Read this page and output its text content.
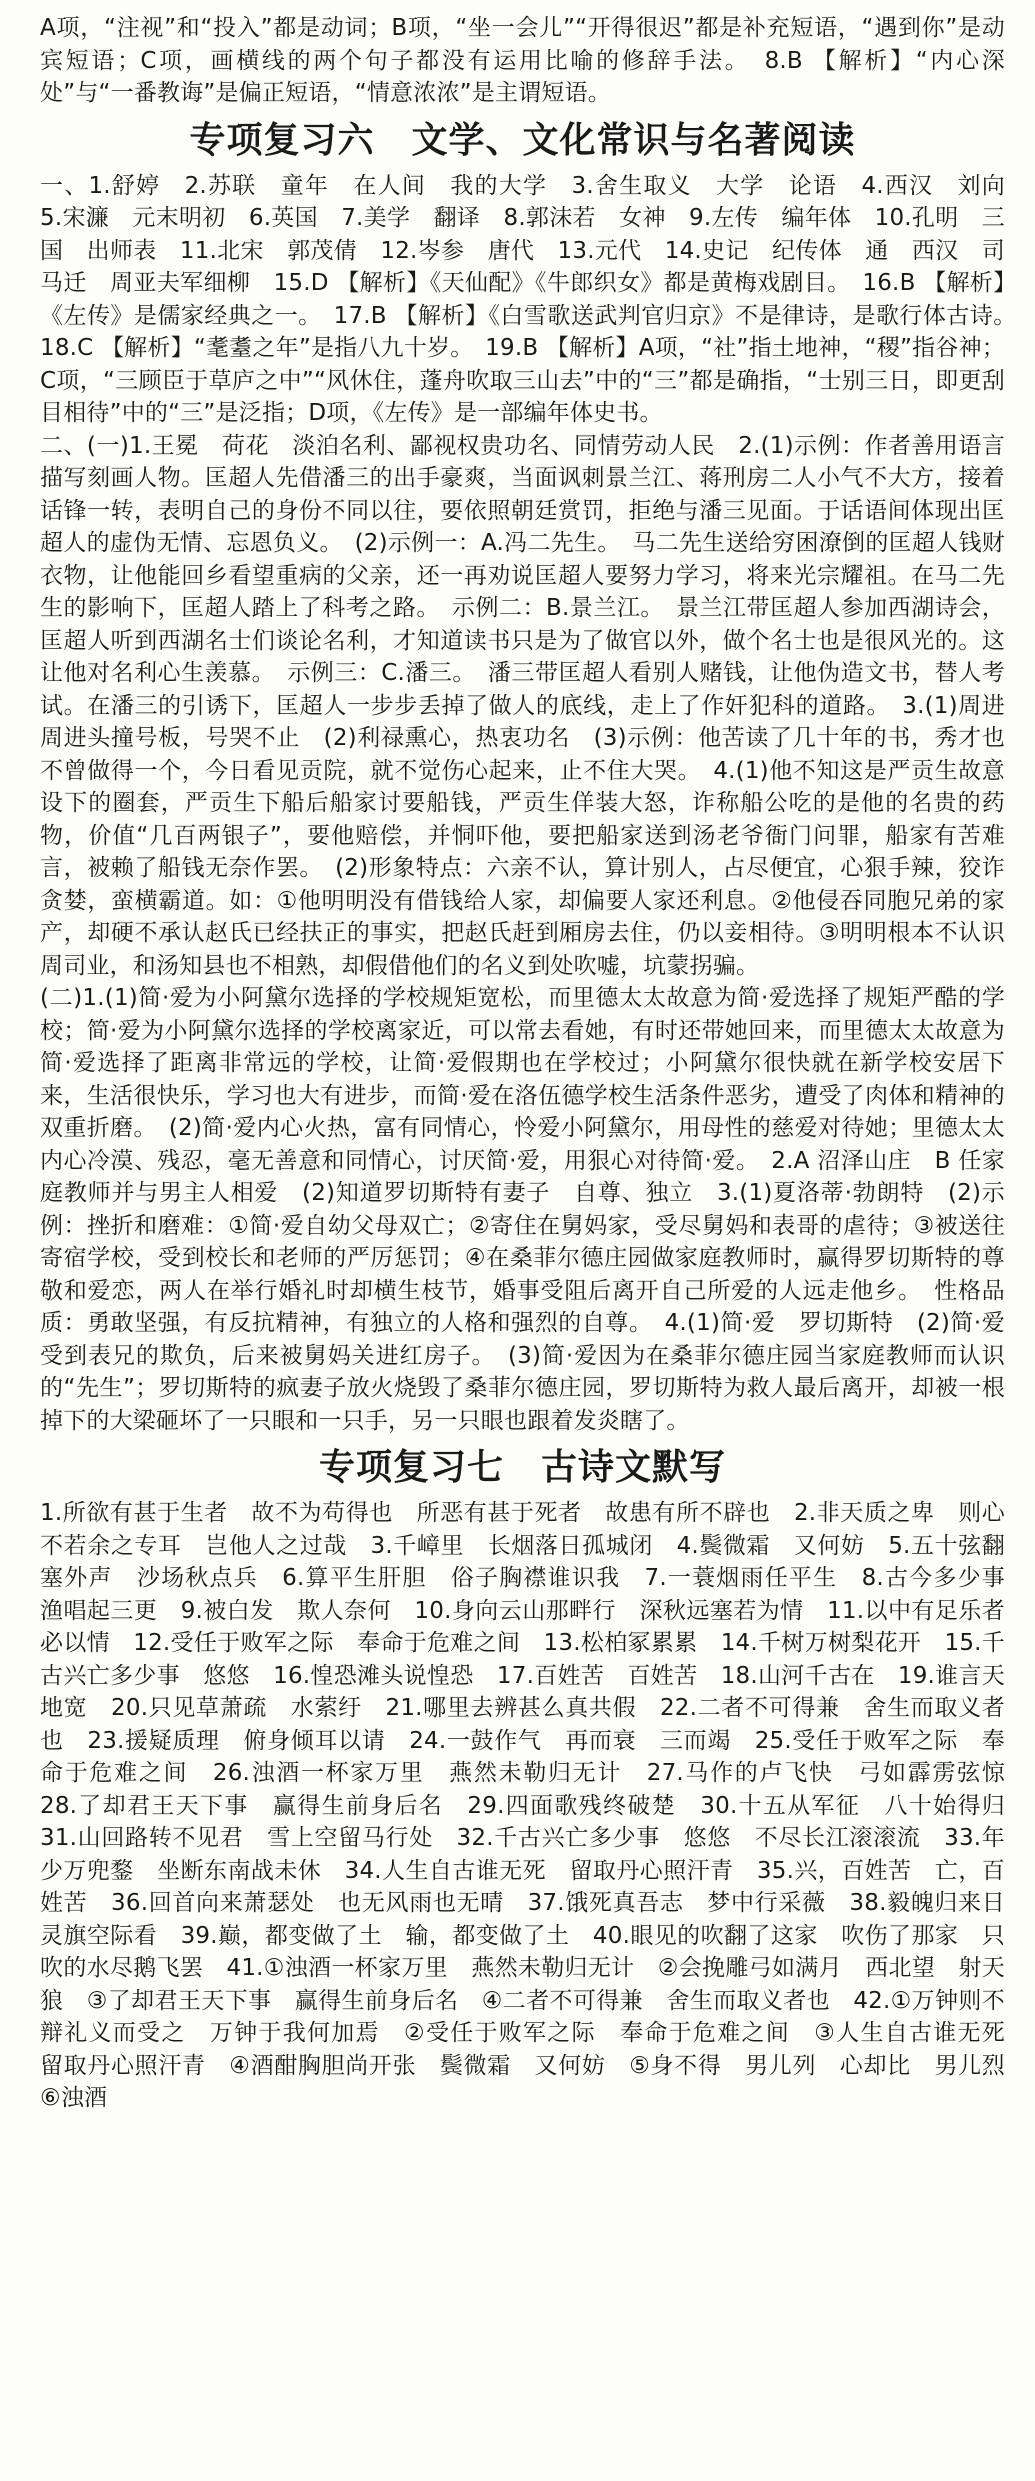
A项，“注视”和“投入”都是动词；B项，“坐一会儿”“开得很迟”都是补充短语，“遇到你”是动宾短语；C项，画横线的两个句子都没有运用比喻的修辞手法。　8.B 【解析】“内心深处”与“一番教诲”是偏正短语，“情意浓浓”是主谓短语。

专项复习六　文学、文化常识与名著阅读

一、1.舒婷　2.苏联　童年　在人间　我的大学　3.舍生取义　大学　论语　4.西汉　刘向　5.宋濂　元末明初　6.英国　7.美学　翻译　8.郭沫若　女神　9.左传　编年体　10.孔明　三国　出师表　11.北宋　郭茂倩　12.岑参　唐代　13.元代　14.史记　纪传体　通　西汉　司马迁　周亚夫军细柳　15.D 【解析】《天仙配》《牛郎织女》都是黄梅戏剧目。　16.B 【解析】《左传》是儒家经典之一。　17.B 【解析】《白雪歌送武判官归京》不是律诗，是歌行体古诗。　18.C 【解析】“耄耋之年”是指八九十岁。　19.B 【解析】A项，“社”指土地神，“稷”指谷神；C项，“三顾臣于草庐之中”“风休住，蓬舟吹取三山去”中的“三”都是确指，“士别三日，即更刮目相待”中的“三”是泛指；D项，《左传》是一部编年体史书。

二、(一)1.王冕　荷花　淡泊名利、鄙视权贵功名、同情劳动人民　2.(1)示例：作者善用语言描写刻画人物。匡超人先借潘三的出手豪爽，当面讽刺景兰江、蒋刑房二人小气不大方，接着话锋一转，表明自己的身份不同以往，要依照朝廷赏罚，拒绝与潘三见面。于话语间体现出匡超人的虚伪无情、忘恩负义。　(2)示例一：A.冯二先生。　马二先生送给穷困潦倒的匡超人钱财衣物，让他能回乡看望重病的父亲，还一再劝说匡超人要努力学习，将来光宗耀祖。在马二先生的影响下，匡超人踏上了科考之路。　示例二：B.景兰江。　景兰江带匡超人参加西湖诗会，匡超人听到西湖名士们谈论名利，才知道读书只是为了做官以外，做个名士也是很风光的。这让他对名利心生羡慕。　示例三：C.潘三。　潘三带匡超人看别人赌钱，让他伪造文书，替人考试。在潘三的引诱下，匡超人一步步丢掉了做人的底线，走上了作奸犯科的道路。　3.(1)周进　周进头撞号板，号哭不止　(2)利禄熏心，热衷功名　(3)示例：他苦读了几十年的书，秀才也不曾做得一个，今日看见贡院，就不觉伤心起来，止不住大哭。　4.(1)他不知这是严贡生故意设下的圈套，严贡生下船后船家讨要船钱，严贡生佯装大怒，诈称船公吃的是他的名贵的药物，价值“几百两银子”，要他赔偿，并恫吓他，要把船家送到汤老爷衙门问罪，船家有苦难言，被赖了船钱无奈作罢。　(2)形象特点：六亲不认，算计别人，占尽便宜，心狠手辣，狡诈贪婪，蛮横霸道。如：①他明明没有借钱给人家，却偏要人家还利息。②他侵吞同胞兄弟的家产，却硬不承认赵氏已经扶正的事实，把赵氏赶到厢房去住，仍以妾相待。③明明根本不认识周司业，和汤知县也不相熟，却假借他们的名义到处吹嘘，坑蒙拐骗。

(二)1.(1)简·爱为小阿黛尔选择的学校规矩宽松，而里德太太故意为简·爱选择了规矩严酷的学校；简·爱为小阿黛尔选择的学校离家近，可以常去看她，有时还带她回来，而里德太太故意为简·爱选择了距离非常远的学校，让简·爱假期也在学校过；小阿黛尔很快就在新学校安居下来，生活很快乐，学习也大有进步，而简·爱在洛伍德学校生活条件恶劣，遭受了肉体和精神的双重折磨。　(2)简·爱内心火热，富有同情心，怜爱小阿黛尔，用母性的慈爱对待她；里德太太内心冷漠、残忍，毫无善意和同情心，讨厌简·爱，用狠心对待简·爱。　2.A 沼泽山庄　B 任家庭教师并与男主人相爱　(2)知道罗切斯特有妻子　自尊、独立　3.(1)夏洛蒂·勃朗特　(2)示例：挫折和磨难：①简·爱自幼父母双亡；②寄住在舅妈家，受尽舅妈和表哥的虐待；③被送往寄宿学校，受到校长和老师的严厉惩罚；④在桑菲尔德庄园做家庭教师时，赢得罗切斯特的尊敬和爱恋，两人在举行婚礼时却横生枝节，婚事受阻后离开自己所爱的人远走他乡。　性格品质：勇敢坚强，有反抗精神，有独立的人格和强烈的自尊。　4.(1)简·爱　罗切斯特　(2)简·爱受到表兄的欺负，后来被舅妈关进红房子。　(3)简·爱因为在桑菲尔德庄园当家庭教师而认识的“先生”；罗切斯特的疯妻子放火烧毁了桑菲尔德庄园，罗切斯特为救人最后离开，却被一根掉下的大梁砸坏了一只眼和一只手，另一只眼也跟着发炎瞎了。

专项复习七　古诗文默写

1.所欲有甚于生者　故不为苟得也　所恶有甚于死者　故患有所不辟也　2.非天质之卑　则心不若余之专耳　岂他人之过哉　3.千嶂里　长烟落日孤城闭　4.鬓微霜　又何妨　5.五十弦翻塞外声　沙场秋点兵　6.算平生肝胆　俗子胸襟谁识我　7.一蓑烟雨任平生　8.古今多少事　渔唱起三更　9.被白发　欺人奈何　10.身向云山那畔行　深秋远塞若为情　11.以中有足乐者　必以情　12.受任于败军之际　奉命于危难之间　13.松柏冢累累　14.千树万树梨花开　15.千古兴亡多少事　悠悠　16.惶恐滩头说惶恐　17.百姓苦　百姓苦　18.山河千古在　19.谁言天地宽　20.只见草萧疏　水萦纡　21.哪里去辨甚么真共假　22.二者不可得兼　舍生而取义者也　23.援疑质理　俯身倾耳以请　24.一鼓作气　再而衰　三而竭　25.受任于败军之际　奉命于危难之间　26.浊酒一杯家万里　燕然未勒归无计　27.马作的卢飞快　弓如霹雳弦惊　28.了却君王天下事　赢得生前身后名　29.四面歌残终破楚　30.十五从军征　八十始得归　31.山回路转不见君　雪上空留马行处　32.千古兴亡多少事　悠悠　不尽长江滚滚流　33.年少万兜鍪　坐断东南战未休　34.人生自古谁无死　留取丹心照汗青　35.兴，百姓苦　亡，百姓苦　36.回首向来萧瑟处　也无风雨也无晴　37.饿死真吾志　梦中行采薇　38.毅魄归来日　灵旗空际看　39.巅，都变做了土　输，都变做了土　40.眼见的吹翻了这家　吹伤了那家　只吹的水尽鹅飞罢　41.①浊酒一杯家万里　燕然未勒归无计　②会挽雕弓如满月　西北望　射天狼　③了却君王天下事　赢得生前身后名　④二者不可得兼　舍生而取义者也　42.①万钟则不辩礼义而受之　万钟于我何加焉　②受任于败军之际　奉命于危难之间　③人生自古谁无死　留取丹心照汗青　④酒酣胸胆尚开张　鬓微霜　又何妨　⑤身不得　男儿列　心却比　男儿烈　⑥浊酒
